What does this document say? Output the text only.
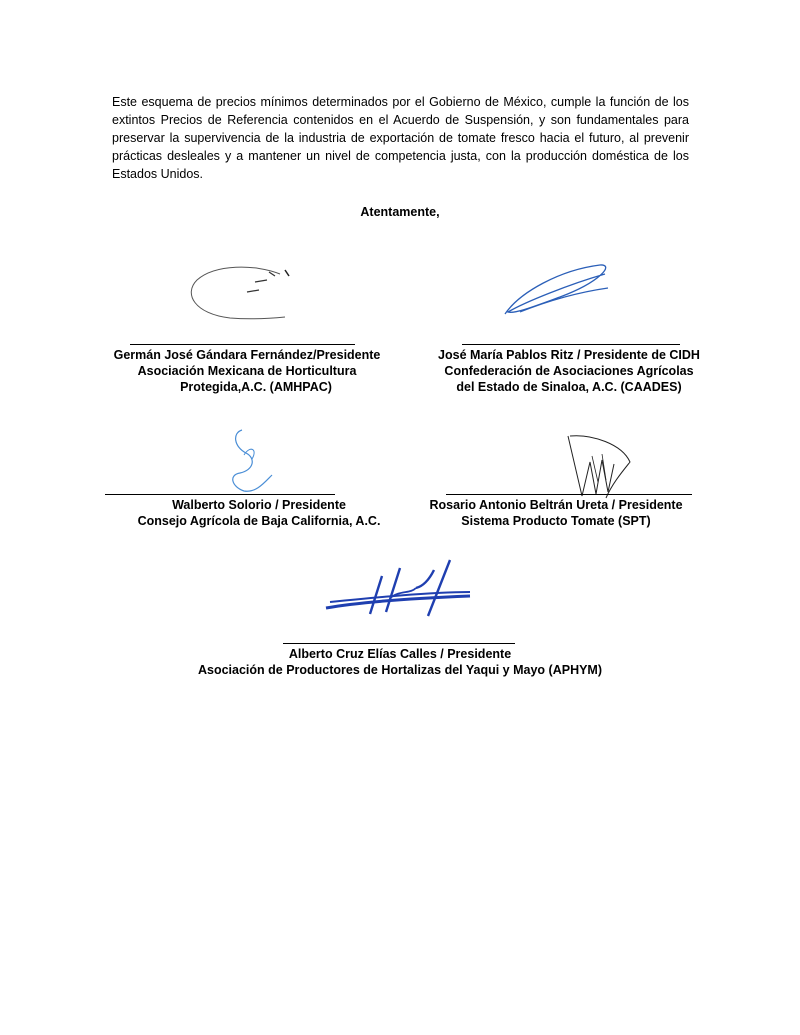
Este esquema de precios mínimos determinados por el Gobierno de México, cumple la función de los extintos Precios de Referencia contenidos en el Acuerdo de Suspensión, y son fundamentales para preservar la supervivencia de la industria de exportación de tomate fresco hacia el futuro, al prevenir prácticas desleales y a mantener un nivel de competencia justa, con la producción doméstica de los Estados Unidos.

Atentamente,
Germán José Gándara Fernández/Presidente
Asociación Mexicana de Horticultura
Protegida,A.C. (AMHPAC)
José María Pablos Ritz / Presidente de CIDH
Confederación de Asociaciones Agrícolas
del Estado de Sinaloa, A.C. (CAADES)
Walberto Solorio / Presidente
Consejo Agrícola de Baja California, A.C.
Rosario Antonio Beltrán Ureta / Presidente
Sistema Producto Tomate (SPT)
Alberto Cruz Elías Calles / Presidente
Asociación de Productores de Hortalizas del Yaqui y Mayo (APHYM)
